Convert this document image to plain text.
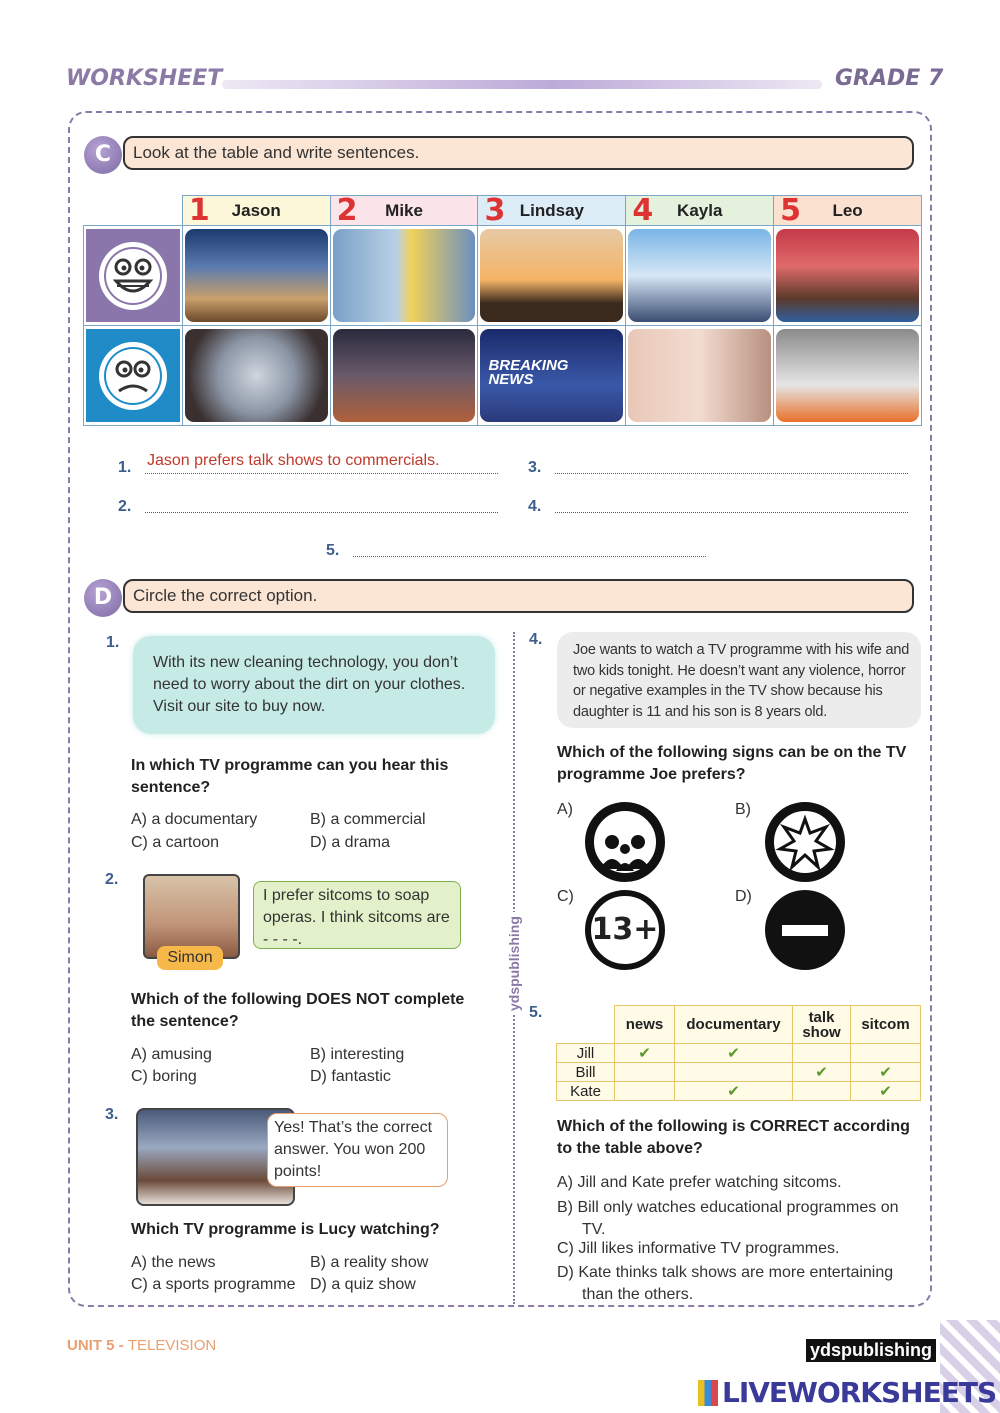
WORKSHEET	GRADE 7
C	Look at the table and write sentences.

	1 Jason	2 Mike	3 Lindsay	4 Kayla	5 Leo

BREAKING NEWS		

1. Jason prefers talk shows to commercials.
2.
3.
4.
5.
D	Circle the correct option.
ydspublishing
1.
With its new cleaning technology, you don’t need to worry about the dirt on your clothes. Visit our site to buy now.
In which TV programme can you hear this sentence?
A) a documentary	B) a commercial
C) a cartoon	D) a drama
2.
Simon
I prefer sitcoms to soap operas. I think sitcoms are - - - -.
Which of the following DOES NOT complete the sentence?
A) amusing	B) interesting
C) boring	D) fantastic
3.
Yes! That’s the correct answer. You won 200 points!
Which TV programme is Lucy watching?
A) the news	B) a reality show
C) a sports programme D) a quiz show
4.
Joe wants to watch a TV programme with his wife and two kids tonight. He doesn’t want any violence, horror or negative examples in the TV show because his daughter is 11 and his son is 8 years old.
Which of the following signs can be on the TV programme Joe prefers?
A)	B)
C)	D)
13+
5.
	news	documentary	talk show	sitcom
Jill	✔	✔		
Bill			✔	✔
Kate		✔		✔
Which of the following is CORRECT according to the table above?
A) Jill and Kate prefer watching sitcoms.
B) Bill only watches educational programmes on TV.
C) Jill likes informative TV programmes.
D) Kate thinks talk shows are more entertaining than the others.
UNIT 5 - TELEVISION	ydspublishing
LIVEWORKSHEETS
